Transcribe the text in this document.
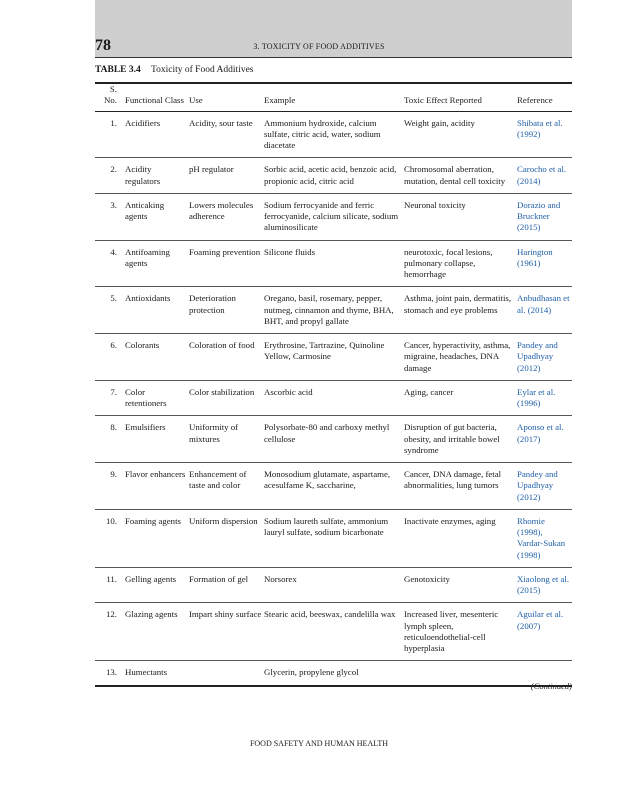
78	3. TOXICITY OF FOOD ADDITIVES
TABLE 3.4 Toxicity of Food Additives
S. No.	Functional Class	Use	Example	Toxic Effect Reported	Reference
1.	Acidifiers	Acidity, sour taste	Ammonium hydroxide, calcium sulfate, citric acid, water, sodium diacetate	Weight gain, acidity	Shibata et al. (1992)
2.	Acidity regulators	pH regulator	Sorbic acid, acetic acid, benzoic acid, propionic acid, citric acid	Chromosomal aberration, mutation, dental cell toxicity	Carocho et al. (2014)
3.	Anticaking agents	Lowers molecules adherence	Sodium ferrocyanide and ferric ferrocyanide, calcium silicate, sodium aluminosilicate	Neuronal toxicity	Dorazio and Bruckner (2015)
4.	Antifoaming agents	Foaming prevention	Silicone fluids	neurotoxic, focal lesions, pulmonary collapse, hemorrhage	Harington (1961)
5.	Antioxidants	Deterioration protection	Oregano, basil, rosemary, pepper, nutmeg, cinnamon and thyme, BHA, BHT, and propyl gallate	Asthma, joint pain, dermatitis, stomach and eye problems	Anbudhasan et al. (2014)
6.	Colorants	Coloration of food	Erythrosine, Tartrazine, Quinoline Yellow, Carmosine	Cancer, hyperactivity, asthma, migraine, headaches, DNA damage	Pandey and Upadhyay (2012)
7.	Color retentioners	Color stabilization	Ascorbic acid	Aging, cancer	Eylar et al. (1996)
8.	Emulsifiers	Uniformity of mixtures	Polysorbate-80 and carboxy methyl cellulose	Disruption of gut bacteria, obesity, and irritable bowel syndrome	Aponso et al. (2017)
9.	Flavor enhancers	Enhancement of taste and color	Monosodium glutamate, aspartame, acesulfame K, saccharine,	Cancer, DNA damage, fetal abnormalities, lung tumors	Pandey and Upadhyay (2012)
10.	Foaming agents	Uniform dispersion	Sodium laureth sulfate, ammonium lauryl sulfate, sodium bicarbonate	Inactivate enzymes, aging	Rhomie (1998), Vardar-Sukan (1998)
11.	Gelling agents	Formation of gel	Norsorex	Genotoxicity	Xiaolong et al. (2015)
12.	Glazing agents	Impart shiny surface	Stearic acid, beeswax, candelilla wax	Increased liver, mesenteric lymph spleen, reticuloendothelial-cell hyperplasia	Aguilar et al. (2007)
13.	Humectants		Glycerin, propylene glycol		
FOOD SAFETY AND HUMAN HEALTH
